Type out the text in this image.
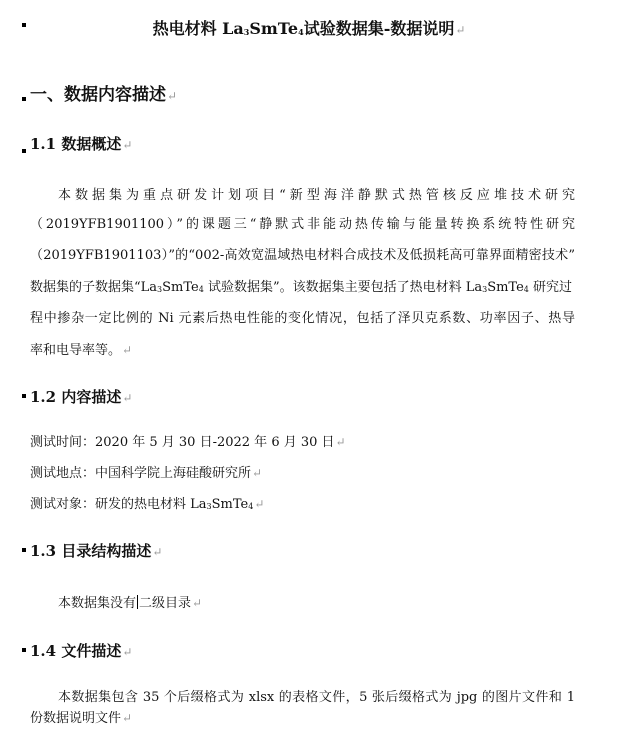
热电材料 $La_3SmTe_4$试验数据集-数据说明↵
一、数据内容描述↵
1.1 数据概述↵
本数据集为重点研发计划项目“新型海洋静默式热管核反应堆技术研究
（2019YFB1901100）”的课题三“静默式非能动热传输与能量转换系统特性研究
（2019YFB1901103）”的“002-高效宽温域热电材料合成技术及低损耗高可靠界面精密技术”
数据集的子数据集“$La_3SmTe_4$ 试验数据集”。该数据集主要包括了热电材料 $La_3SmTe_4$ 研究过
程中掺杂一定比例的 Ni 元素后热电性能的变化情况，包括了泽贝克系数、功率因子、热导
率和电导率等。↵
1.2 内容描述↵
测试时间：2020 年 5 月 30 日-2022 年 6 月 30 日↵
测试地点：中国科学院上海硅酸研究所↵
测试对象：研发的热电材料 $La_3SmTe_4↵$
1.3 目录结构描述↵
本数据集没有 二级目录↵
1.4 文件描述↵
本数据集包含 35 个后缀格式为 xlsx 的表格文件，5 张后缀格式为 jpg 的图片文件和 1
份数据说明文件↵
